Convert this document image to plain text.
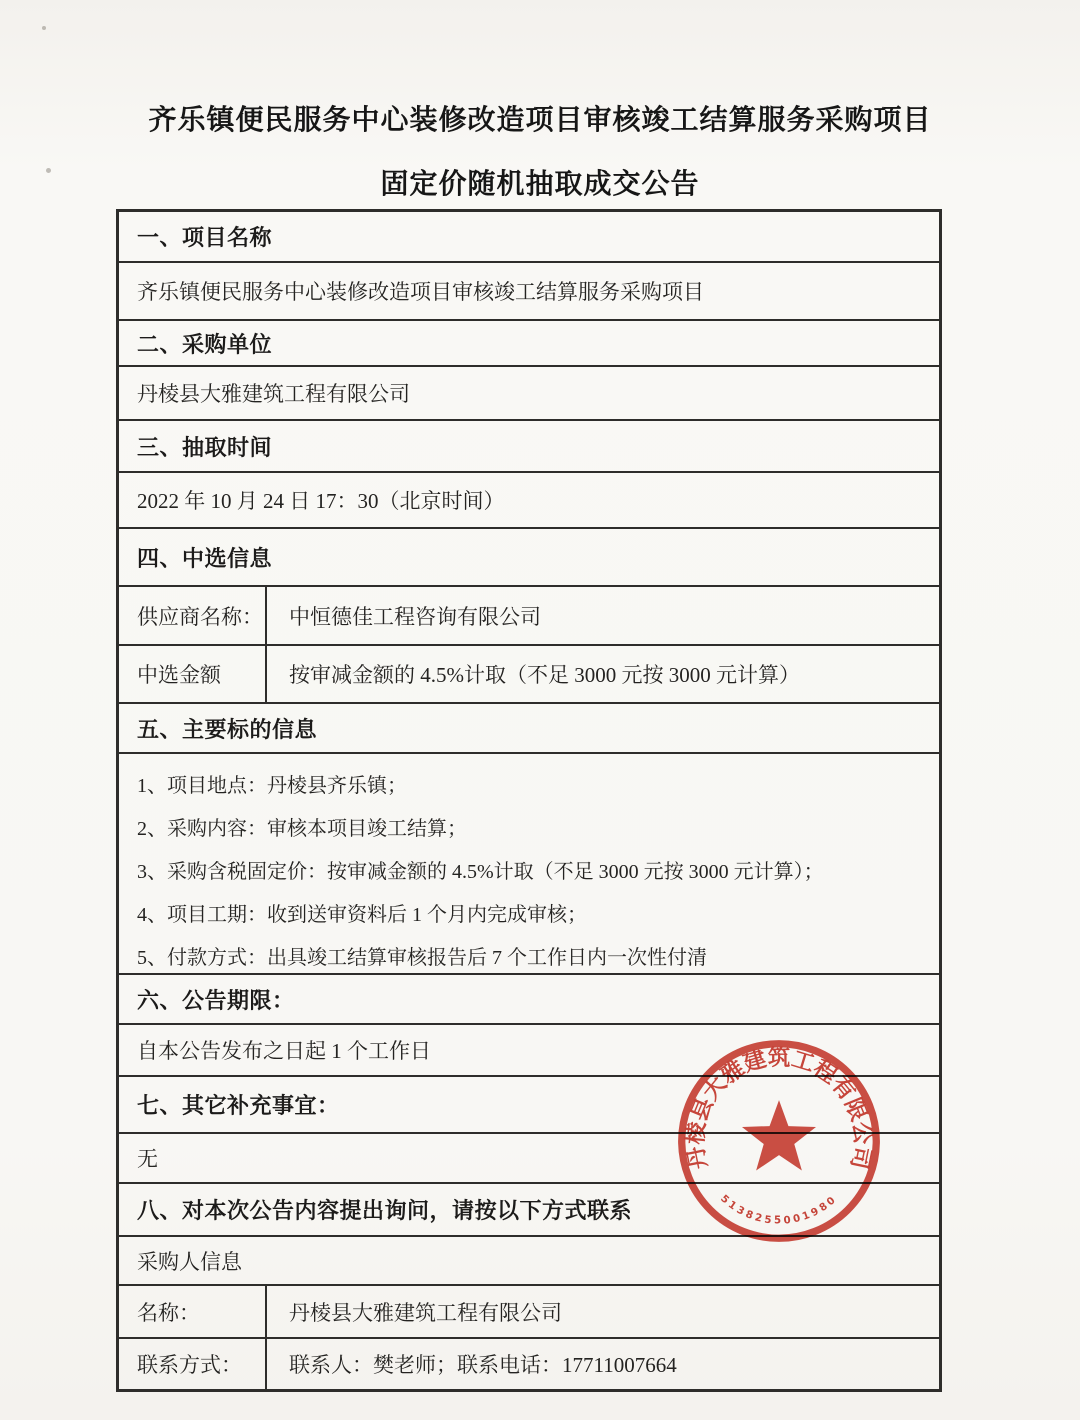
齐乐镇便民服务中心装修改造项目审核竣工结算服务采购项目
固定价随机抽取成交公告
一、项目名称
齐乐镇便民服务中心装修改造项目审核竣工结算服务采购项目
二、采购单位
丹棱县大雅建筑工程有限公司
三、抽取时间
2022 年 10 月 24 日 17：30（北京时间）
四、中选信息
供应商名称： 中恒德佳工程咨询有限公司
中选金额	按审减金额的 4.5%计取（不足 3000 元按 3000 元计算）
五、主要标的信息
1、项目地点：丹棱县齐乐镇；
2、采购内容：审核本项目竣工结算；
3、采购含税固定价：按审减金额的 4.5%计取（不足 3000 元按 3000 元计算）；
4、项目工期：收到送审资料后 1 个月内完成审核；
5、付款方式：出具竣工结算审核报告后 7 个工作日内一次性付清
六、公告期限：
自本公告发布之日起 1 个工作日
七、其它补充事宜：
无
八、对本次公告内容提出询问，请按以下方式联系
采购人信息
名称：	丹棱县大雅建筑工程有限公司
联系方式： 联系人：樊老师；联系电话：17711007664
丹棱县大雅建筑工程有限公司
5138255001980
